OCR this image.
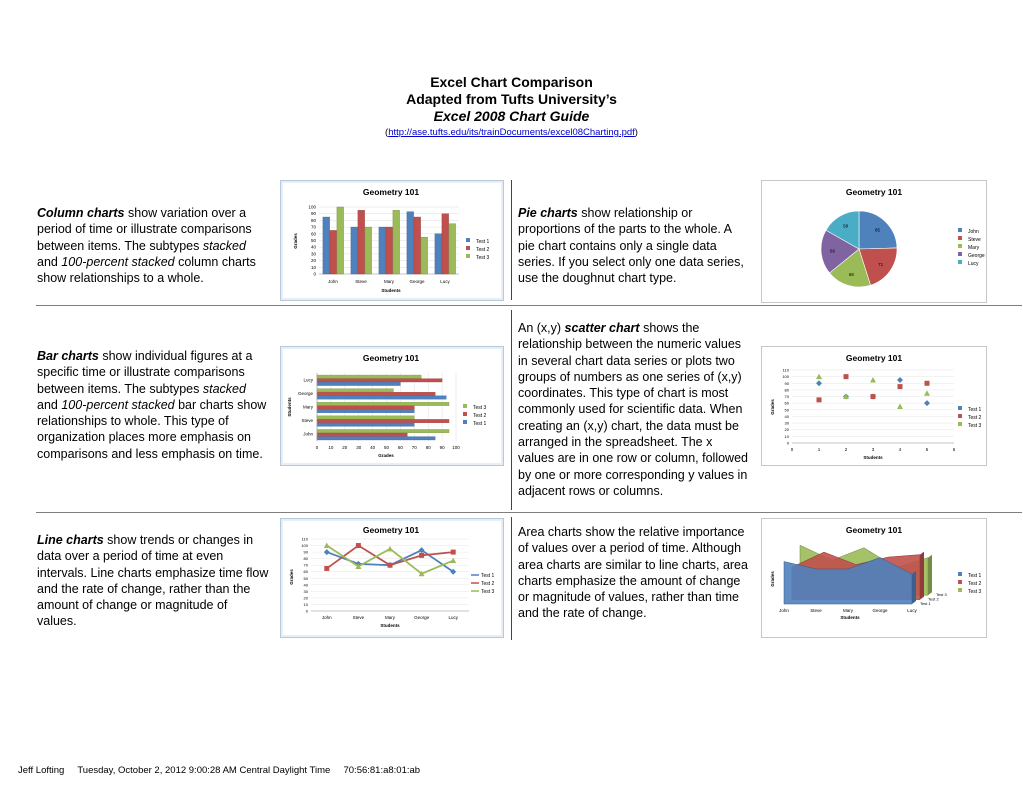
Excel Chart Comparison
Adapted from Tufts University’s
Excel 2008 Chart Guide
(http://ase.tufts.edu/its/trainDocuments/excel08Charting.pdf)
Column charts show variation over a period of time or illustrate comparisons between items. The subtypes stacked and 100-percent stacked column charts show relationships to a whole.
Pie charts show relationship or proportions of the parts to the whole. A pie chart contains only a single data series. If you select only one data series, use the doughnut chart type.
Bar charts show individual figures at a specific time or illustrate comparisons between items. The subtypes stacked and 100-percent stacked bar charts show relationships to whole. This type of organization places more emphasis on comparisons and less emphasis on time.
An (x,y) scatter chart shows the relationship between the numeric values in several chart data series or plots two groups of numbers as one series of (x,y) coordinates. This type of chart is most commonly used for scientific data. When creating an (x,y) chart, the data must be arranged in the spreadsheet. The x values are in one row or column, followed by one or more corresponding y values in adjacent rows or columns.
Line charts show trends or changes in data over a period of time at even intervals. Line charts emphasize time flow and the rate of change, rather than the amount of change or magnitude of values.
Area charts show the relative importance of values over a period of time. Although area charts are similar to line charts, area charts emphasize the amount of change or magnitude of values, rather than time and the rate of change.
Geometry 101
0
10
20
30
40
50
60
70
80
90
100
John	Steve	Mary	George	Lucy
Students
Grades	Test 1
Test 2
Test 3
Geometry 101
85
71
66
66
58
John
Steve
Mary
George
Lucy
Geometry 101
0 10 20 30 40 50 60 70 80 90 100
John
Steve
Mary
George
Lucy
Grades
Students	Test 3
Test 2
Test 1
Geometry 101
0
10
20
30
40
50
60
70
80
90
100
110
0	1	2	3	4	5	6
Students
Grades	Test 1
Test 2
Test 3
Geometry 101
0
10
20
30
40
50
60
70
80
90
100
110
John	Steve	Mary	George	Lucy
Students
Grades	Test 1
Test 2
Test 3
Geometry 101
Test 3
Test 2
Test 1
John	Steve	Mary	George	Lucy
Students
Grades	Test 1
Test 2
Test 3
Jeff Lofting Tuesday, October 2, 2012 9:00:28 AM Central Daylight Time 70:56:81:a8:01:ab
